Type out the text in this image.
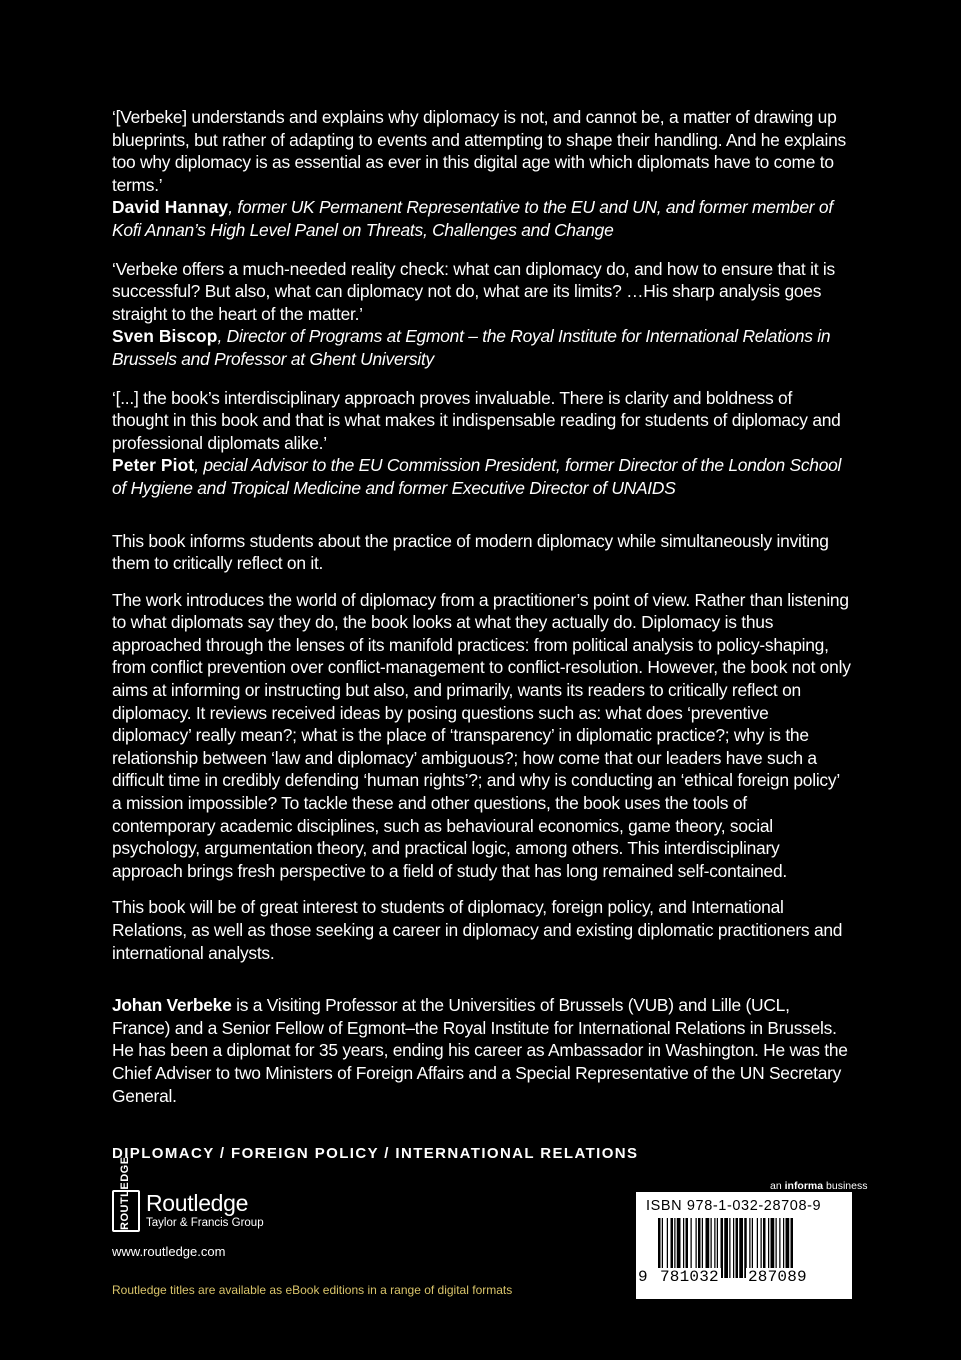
‘[Verbeke] understands and explains why diplomacy is not, and cannot be, a matter of drawing up blueprints, but rather of adapting to events and attempting to shape their handling. And he explains too why diplomacy is as essential as ever in this digital age with which diplomats have to come to terms.’

David Hannay, former UK Permanent Representative to the EU and UN, and former member of Kofi Annan’s High Level Panel on Threats, Challenges and Change

‘Verbeke offers a much-needed reality check: what can diplomacy do, and how to ensure that it is successful? But also, what can diplomacy not do, what are its limits? …His sharp analysis goes straight to the heart of the matter.’

Sven Biscop, Director of Programs at Egmont – the Royal Institute for International Relations in Brussels and Professor at Ghent University

‘[...] the book’s interdisciplinary approach proves invaluable. There is clarity and boldness of thought in this book and that is what makes it indispensable reading for students of diplomacy and professional diplomats alike.’

Peter Piot, pecial Advisor to the EU Commission President, former Director of the London School of Hygiene and Tropical Medicine and former Executive Director of UNAIDS

This book informs students about the practice of modern diplomacy while simultaneously inviting them to critically reflect on it.

The work introduces the world of diplomacy from a practitioner’s point of view. Rather than listening to what diplomats say they do, the book looks at what they actually do. Diplomacy is thus approached through the lenses of its manifold practices: from political analysis to policy-shaping, from conflict prevention over conflict-management to conflict-resolution. However, the book not only aims at informing or instructing but also, and primarily, wants its readers to critically reflect on diplomacy. It reviews received ideas by posing questions such as: what does ‘preventive diplomacy’ really mean?; what is the place of ‘transparency’ in diplomatic practice?; why is the relationship between ‘law and diplomacy’ ambiguous?; how come that our leaders have such a difficult time in credibly defending ‘human rights’?; and why is conducting an ‘ethical foreign policy’ a mission impossible? To tackle these and other questions, the book uses the tools of contemporary academic disciplines, such as behavioural economics, game theory, social psychology, argumentation theory, and practical logic, among others. This interdisciplinary approach brings fresh perspective to a field of study that has long remained self-contained.

This book will be of great interest to students of diplomacy, foreign policy, and International Relations, as well as those seeking a career in diplomacy and existing diplomatic practitioners and international analysts.

Johan Verbeke is a Visiting Professor at the Universities of Brussels (VUB) and Lille (UCL, France) and a Senior Fellow of Egmont–the Royal Institute for International Relations in Brussels. He has been a diplomat for 35 years, ending his career as Ambassador in Washington. He was the Chief Adviser to two Ministers of Foreign Affairs and a Special Representative of the UN Secretary General.

DIPLOMACY / FOREIGN POLICY / INTERNATIONAL RELATIONS
ROUTLEDGE Routledge
Taylor & Francis Group
www.routledge.com
Routledge titles are available as eBook editions in a range of digital formats
an informa business
ISBN 978-1-032-28708-9
9 781032 287089
